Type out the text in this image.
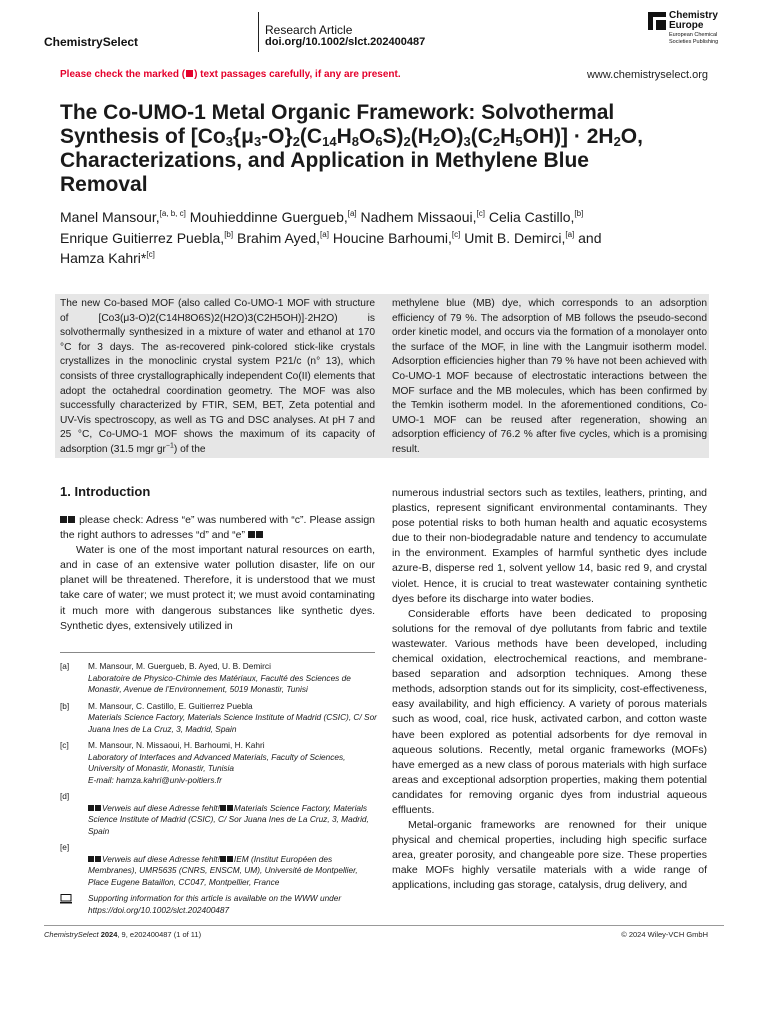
ChemistrySelect
Research Article
doi.org/10.1002/slct.202400487
Chemistry
Europe
European Chemical Societies Publishing
Please check the marked ( ) text passages carefully, if any are present.	www.chemistryselect.org
The Co-UMO-1 Metal Organic Framework: Solvothermal
Synthesis of $[Co_3\{\mu_3-O\}_2(C_{14}H_8O_6S)_2(H_2O)_3(C_2H_5OH)] \cdot 2H_2O$,
Characterizations, and Application in Methylene Blue
Removal
Manel Mansour,[a, b, c] Mouhieddinne Guergueb,[a] Nadhem Missaoui,[c] Celia Castillo,[b]
Enrique Guitierrez Puebla,[b] Brahim Ayed,[a] Houcine Barhoumi,[c] Umit B. Demirci,[a] and
Hamza Kahri*[c]
The new Co-based MOF (also called Co-UMO-1 MOF with structure of [Co3(μ3-O)2(C14H8O6S)2(H2O)3(C2H5OH)]·2H2O) is solvothermally synthesized in a mixture of water and ethanol at 170 °C for 3 days. The as-recovered pink-colored stick-like crystals crystallizes in the monoclinic crystal system P21/c (n° 13), which consists of three crystallographically independent Co(II) elements that adopt the octahedral coordination geometry. The MOF was also successfully characterized by FTIR, SEM, BET, Zeta potential and UV-Vis spectroscopy, as well as TG and DSC analyses. At pH 7 and 25 °C, Co-UMO-1 MOF shows the maximum of its capacity of adsorption (31.5 mgr $gr^{-1}$) of the
methylene blue (MB) dye, which corresponds to an adsorption efficiency of 79 %. The adsorption of MB follows the pseudo-second order kinetic model, and occurs via the formation of a monolayer onto the surface of the MOF, in line with the Langmuir isotherm model. Adsorption efficiencies higher than 79 % have not been achieved with Co-UMO-1 MOF because of electrostatic interactions between the MOF surface and the MB molecules, which has been confirmed by the Temkin isotherm model. In the aforementioned conditions, Co-UMO-1 MOF can be reused after regeneration, showing an adsorption efficiency of 76.2 % after five cycles, which is a promising result.
1. Introduction

please check: Adress “e” was numbered with “c”. Please assign the right authors to adresses “d” and “e”

Water is one of the most important natural resources on earth, and in case of an extensive water pollution disaster, life on our planet will be threatened. Therefore, it is understood that we must take care of water; we must protect it; we must avoid contaminating it much more with dangerous substances like synthetic dyes. Synthetic dyes, extensively utilized in

numerous industrial sectors such as textiles, leathers, printing, and plastics, represent significant environmental contaminants. They pose potential risks to both human health and aquatic ecosystems due to their non-biodegradable nature and tendency to accumulate in the environment. Examples of harmful synthetic dyes include azure-B, disperse red 1, solvent yellow 14, basic red 9, and crystal violet. Hence, it is crucial to treat wastewater containing synthetic dyes before its discharge into water bodies.

Considerable efforts have been dedicated to proposing solutions for the removal of dye pollutants from fabric and textile wastewater. Various methods have been developed, including chemical oxidation, electrochemical reactions, and membrane-based separation and adsorption techniques. Among these methods, adsorption stands out for its simplicity, cost-effectiveness, easy availability, and high efficiency. A variety of porous materials such as wood, coal, rice husk, activated carbon, and cotton waste have been explored as potential adsorbents for dye removal in aqueous solutions. Recently, metal organic frameworks (MOFs) have emerged as a new class of porous materials with high surface areas and exceptional adsorption properties, making them potential candidates for removing organic dyes from industrial aqueous effluents.

Metal-organic frameworks are renowned for their unique physical and chemical properties, including high specific surface area, greater porosity, and changeable pore size. These properties make MOFs highly versatile materials with a wide range of applications, including gas storage, catalysis, drug delivery, and

[a] M. Mansour, M. Guergueb, B. Ayed, U. B. Demirci
Laboratoire de Physico-Chimie des Matériaux, Faculté des Sciences de Monastir, Avenue de l’Environnement, 5019 Monastir, Tunisi
[b] M. Mansour, C. Castillo, E. Guitierrez Puebla
Materials Science Factory, Materials Science Institute of Madrid (CSIC), C/ Sor Juana Ines de La Cruz, 3, Madrid, Spain
[c] M. Mansour, N. Missaoui, H. Barhoumi, H. Kahri
Laboratory of Interfaces and Advanced Materials, Faculty of Sciences, University of Monastir, Monastir, Tunisia
E-mail: hamza.kahri@univ-poitiers.fr
[d]

Verweis auf diese Adresse fehlt! Materials Science Factory, Materials Science Institute of Madrid (CSIC), C/ Sor Juana Ines de La Cruz, 3, Madrid, Spain
[e]

Verweis auf diese Adresse fehlt! IEM (Institut Européen des Membranes), UMR5635 (CNRS, ENSCM, UM), Université de Montpellier, Place Eugene Bataillon, CC047, Montpellier, France
Supporting information for this article is available on the WWW under https://doi.org/10.1002/slct.202400487
ChemistrySelect 2024, 9, e202400487 (1 of 11)	© 2024 Wiley-VCH GmbH
